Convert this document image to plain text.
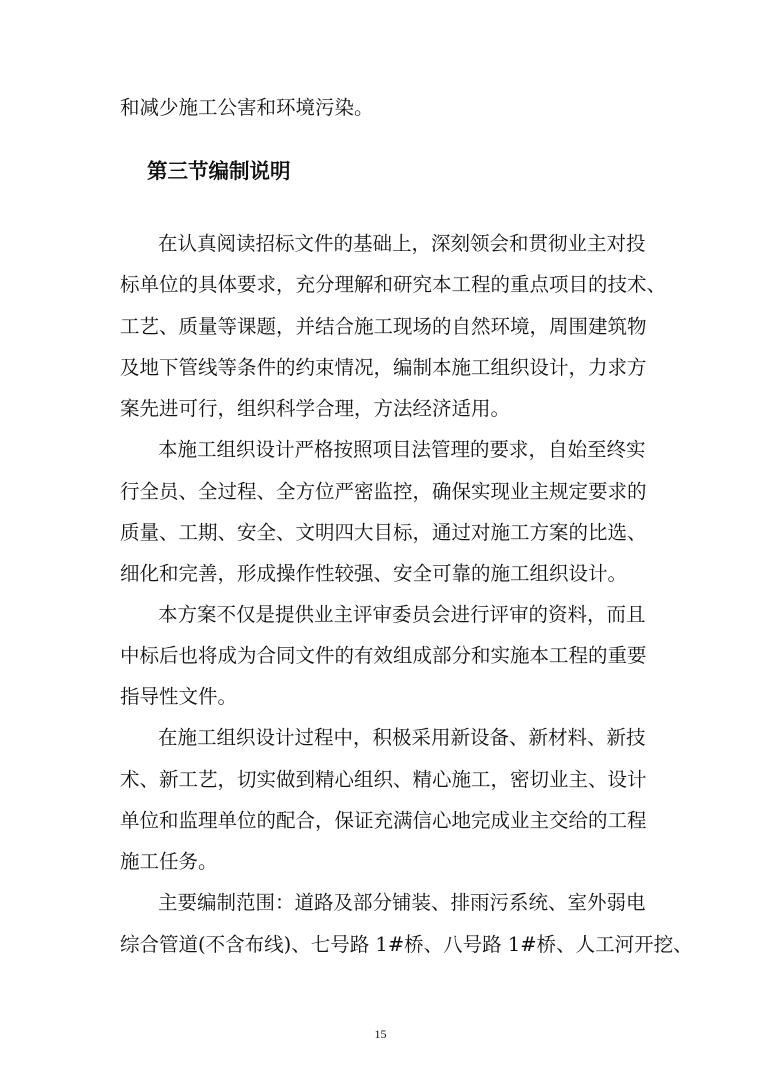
和减少施工公害和环境污染。

第三节编制说明

在认真阅读招标文件的基础上，深刻领会和贯彻业主对投

标单位的具体要求，充分理解和研究本工程的重点项目的技术、

工艺、质量等课题，并结合施工现场的自然环境，周围建筑物

及地下管线等条件的约束情况，编制本施工组织设计，力求方

案先进可行，组织科学合理，方法经济适用。

本施工组织设计严格按照项目法管理的要求，自始至终实

行全员、全过程、全方位严密监控，确保实现业主规定要求的

质量、工期、安全、文明四大目标，通过对施工方案的比选、

细化和完善，形成操作性较强、安全可靠的施工组织设计。

本方案不仅是提供业主评审委员会进行评审的资料，而且

中标后也将成为合同文件的有效组成部分和实施本工程的重要

指导性文件。

在施工组织设计过程中，积极采用新设备、新材料、新技

术、新工艺，切实做到精心组织、精心施工，密切业主、设计

单位和监理单位的配合，保证充满信心地完成业主交给的工程

施工任务。

主要编制范围：道路及部分铺装、排雨污系统、室外弱电

综合管道(不含布线)、七号路 1#桥、八号路 1#桥、人工河开挖、

15
